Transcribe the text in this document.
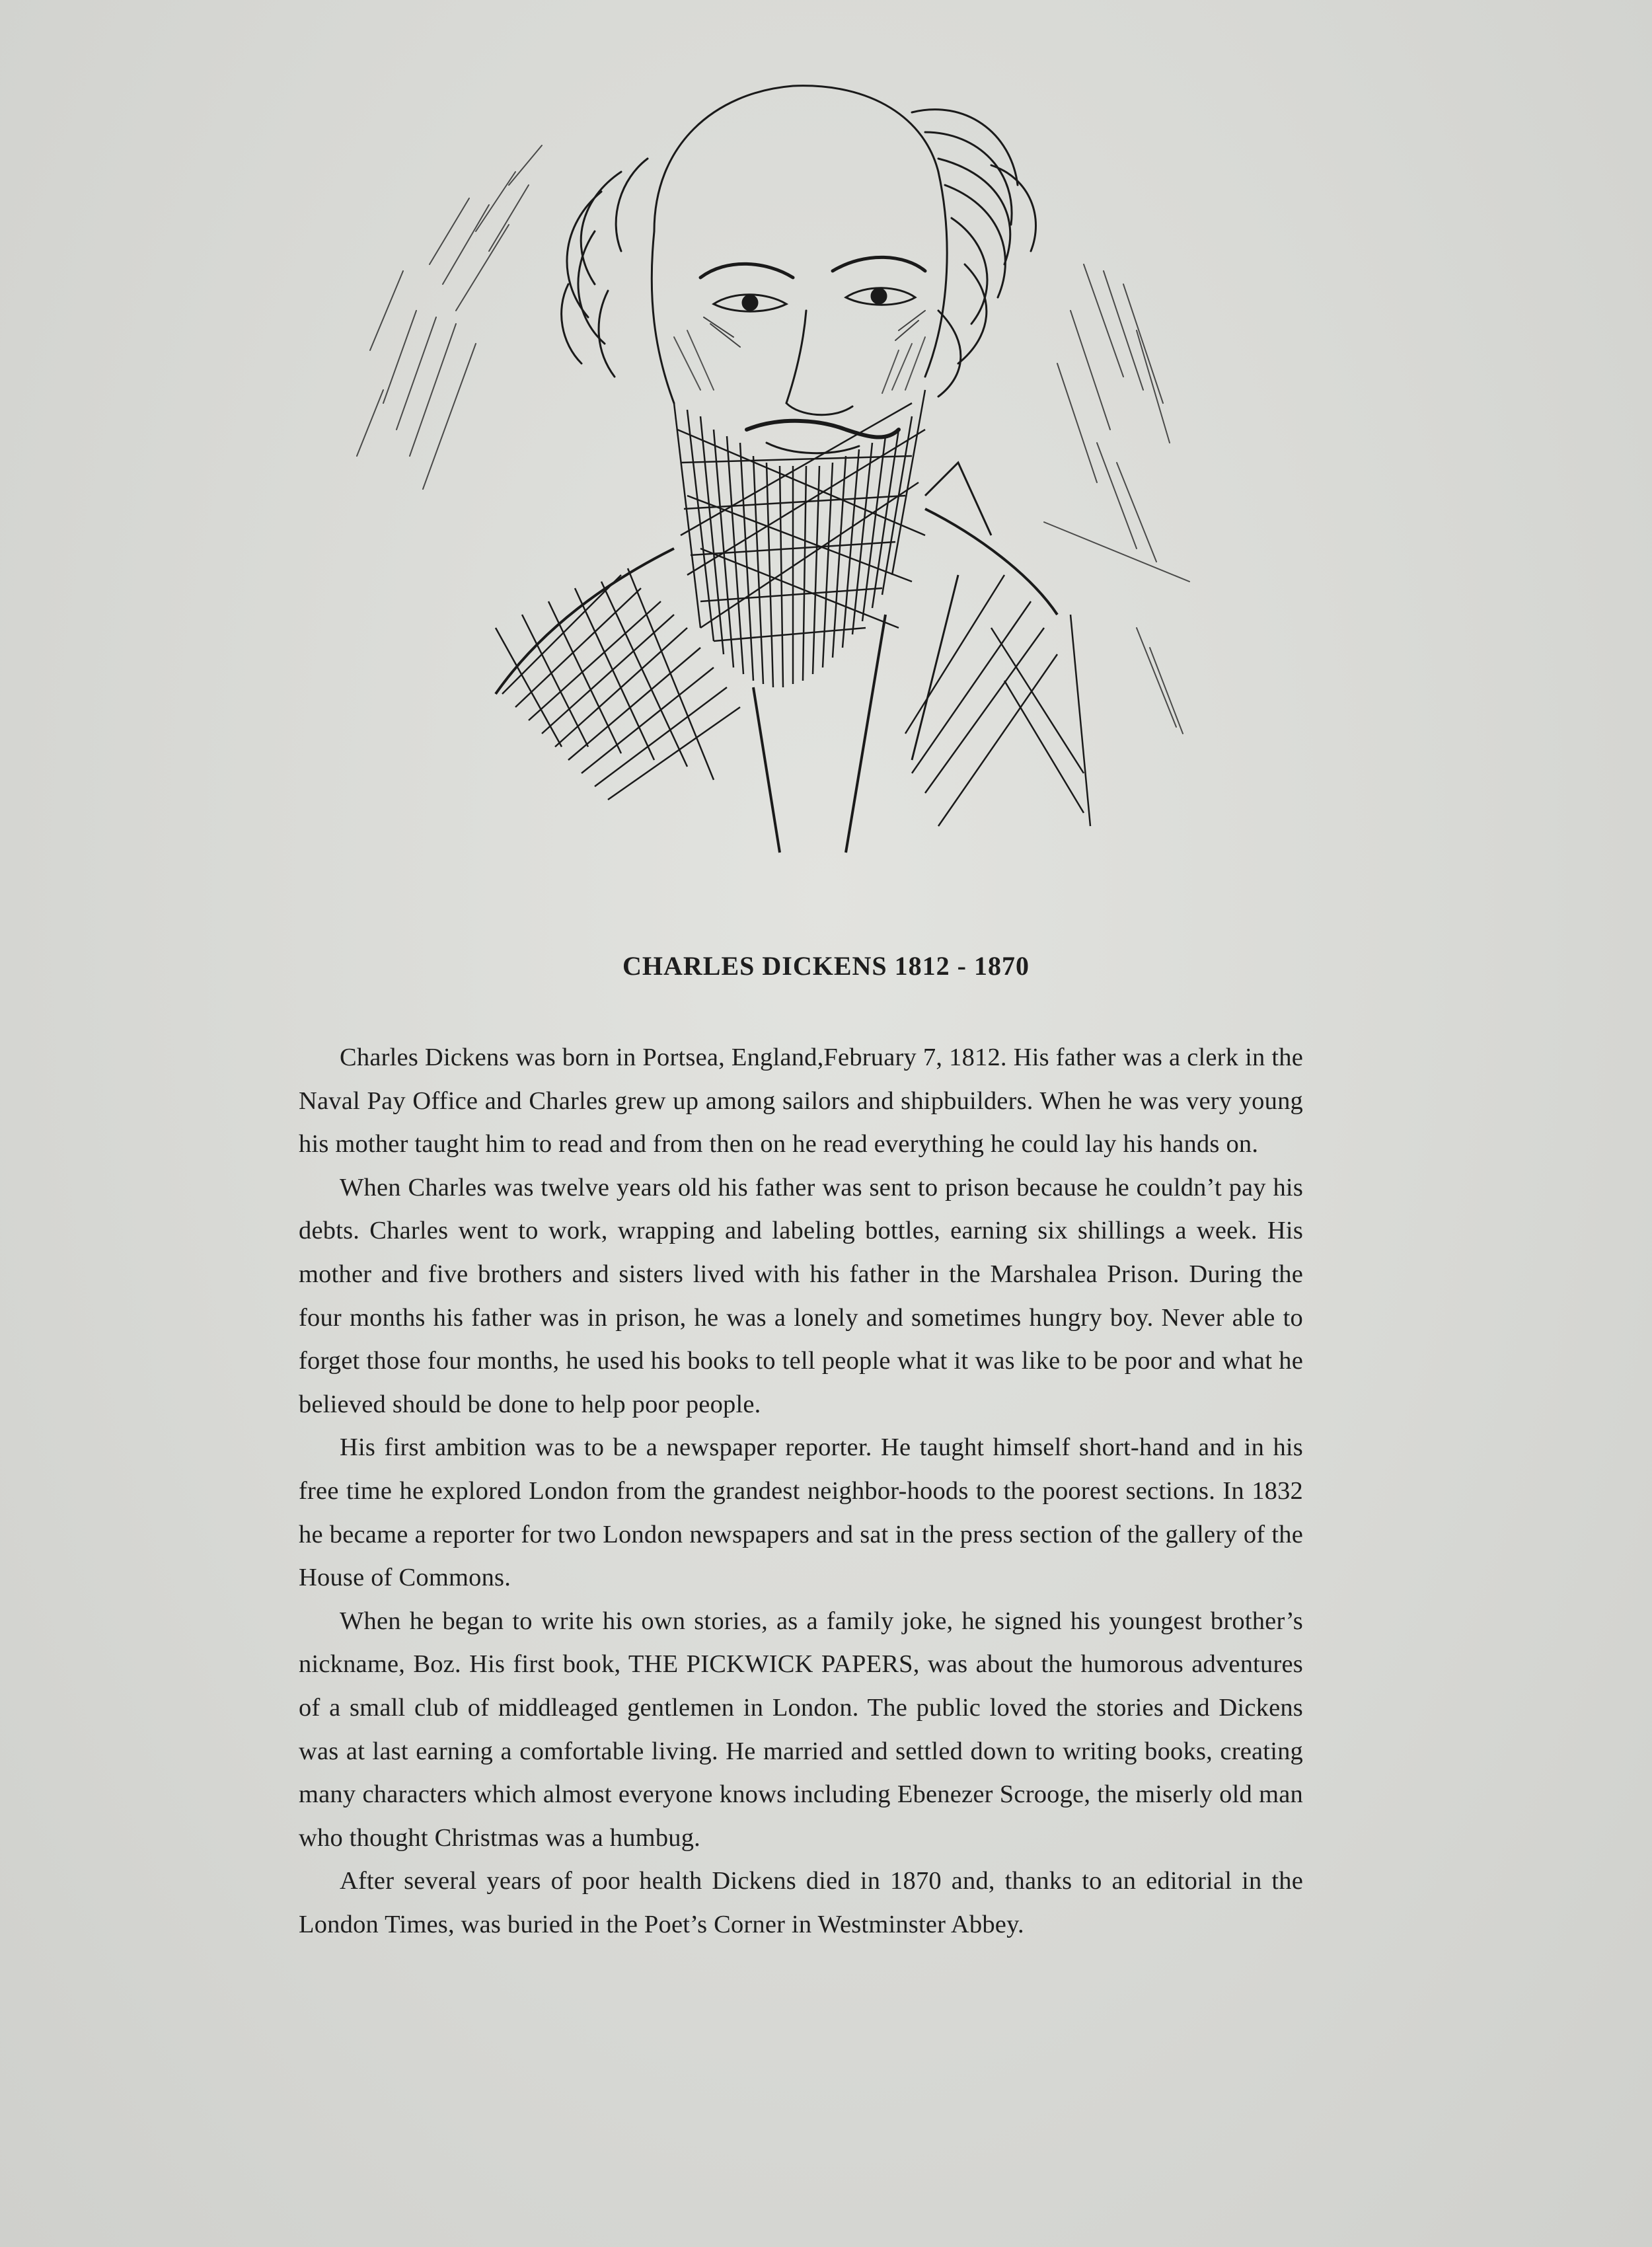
CHARLES DICKENS 1812 - 1870

Charles Dickens was born in Portsea, England,February 7, 1812. His father was a clerk in the Naval Pay Office and Charles grew up among sailors and shipbuilders. When he was very young his mother taught him to read and from then on he read everything he could lay his hands on.

When Charles was twelve years old his father was sent to prison because he couldn’t pay his debts. Charles went to work, wrapping and labeling bottles, earning six shillings a week. His mother and five brothers and sisters lived with his father in the Marshalea Prison. During the four months his father was in prison, he was a lonely and sometimes hungry boy. Never able to forget those four months, he used his books to tell people what it was like to be poor and what he believed should be done to help poor people.

His first ambition was to be a newspaper reporter. He taught himself short-hand and in his free time he explored London from the grandest neighbor-hoods to the poorest sections. In 1832 he became a reporter for two London newspapers and sat in the press section of the gallery of the House of Commons.

When he began to write his own stories, as a family joke, he signed his youngest brother’s nickname, Boz. His first book, THE PICKWICK PAPERS, was about the humorous adventures of a small club of middleaged gentlemen in London. The public loved the stories and Dickens was at last earning a comfortable living. He married and settled down to writing books, creating many characters which almost everyone knows including Ebenezer Scrooge, the miserly old man who thought Christmas was a humbug.

After several years of poor health Dickens died in 1870 and, thanks to an editorial in the London Times, was buried in the Poet’s Corner in Westminster Abbey.
